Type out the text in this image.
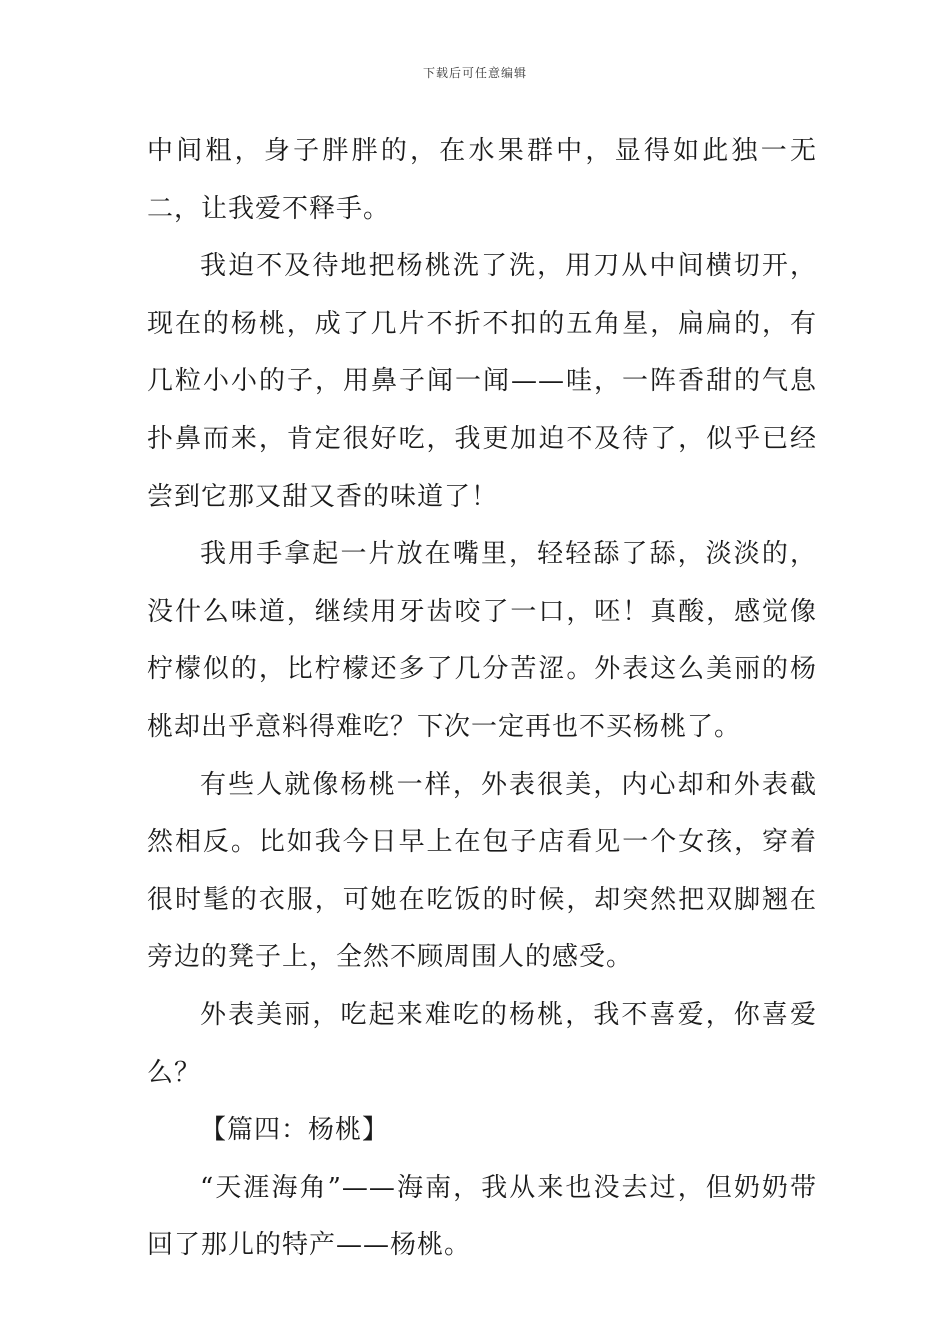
下载后可任意编辑

中间粗，身子胖胖的，在水果群中，显得如此独一无二，让我爱不释手。

我迫不及待地把杨桃洗了洗，用刀从中间横切开，现在的杨桃，成了几片不折不扣的五角星，扁扁的，有几粒小小的子，用鼻子闻一闻——哇，一阵香甜的气息扑鼻而来，肯定很好吃，我更加迫不及待了，似乎已经尝到它那又甜又香的味道了！

我用手拿起一片放在嘴里，轻轻舔了舔，淡淡的，没什么味道，继续用牙齿咬了一口，呸！真酸，感觉像柠檬似的，比柠檬还多了几分苦涩。外表这么美丽的杨桃却出乎意料得难吃？下次一定再也不买杨桃了。

有些人就像杨桃一样，外表很美，内心却和外表截然相反。比如我今日早上在包子店看见一个女孩，穿着很时髦的衣服，可她在吃饭的时候，却突然把双脚翘在旁边的凳子上，全然不顾周围人的感受。

外表美丽，吃起来难吃的杨桃，我不喜爱，你喜爱么？

【篇四：杨桃】

“天涯海角”——海南，我从来也没去过，但奶奶带回了那儿的特产——杨桃。
